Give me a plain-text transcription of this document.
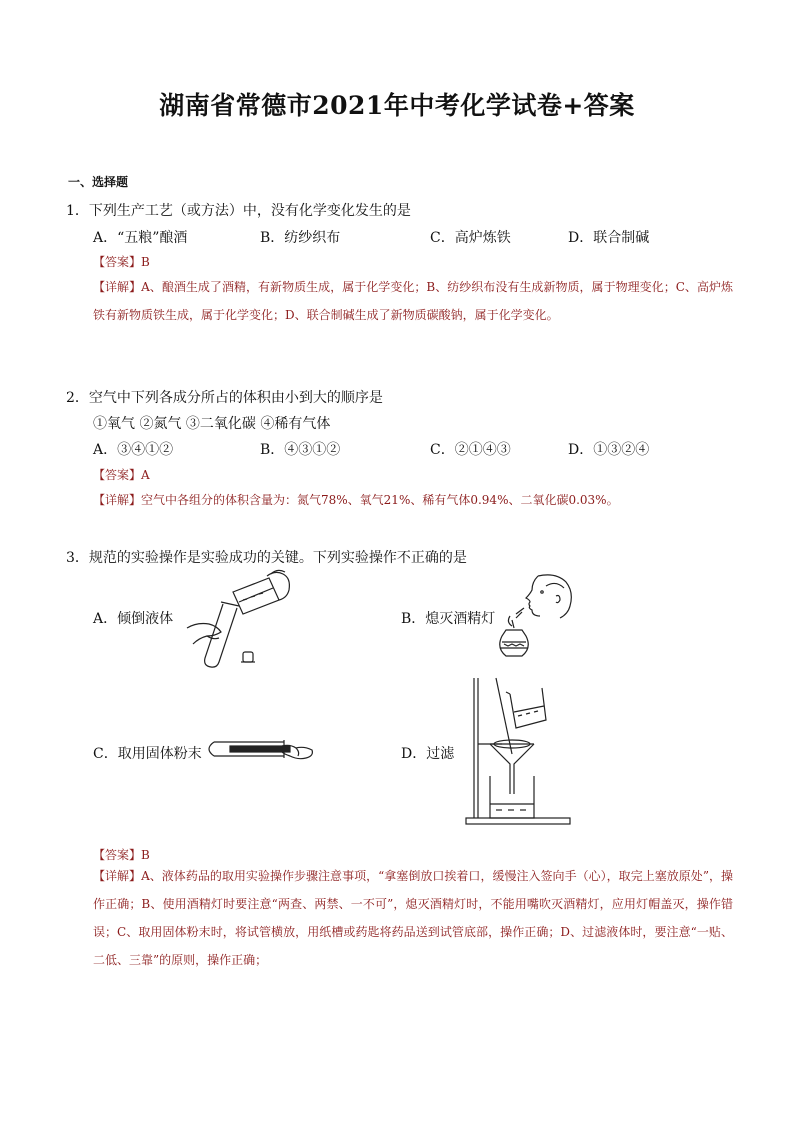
湖南省常德市2021年中考化学试卷+答案
一、选择题
1．下列生产工艺（或方法）中，没有化学变化发生的是
A．“五粮”酿酒	B．纺纱织布	C．高炉炼铁	D．联合制碱
【答案】B
【详解】A、酿酒生成了酒精，有新物质生成，属于化学变化；B、纺纱织布没有生成新物质，属于物理变化；C、高炉炼铁有新物质铁生成，属于化学变化；D、联合制碱生成了新物质碳酸钠，属于化学变化。
2．空气中下列各成分所占的体积由小到大的顺序是
①氧气 ②氮气 ③二氧化碳 ④稀有气体
A．③④①②	B．④③①②	C．②①④③	D．①③②④
【答案】A
【详解】空气中各组分的体积含量为：氮气78%、氧气21%、稀有气体0.94%、二氧化碳0.03%。
3．规范的实验操作是实验成功的关键。下列实验操作不正确的是
A．倾倒液体	B．熄灭酒精灯
C．取用固体粉末	D．过滤
【答案】B
【详解】A、液体药品的取用实验操作步骤注意事项，“拿塞倒放口挨着口，缓慢注入签向手（心），取完上塞放原处”，操作正确；B、使用酒精灯时要注意“两查、两禁、一不可”，熄灭酒精灯时，不能用嘴吹灭酒精灯，应用灯帽盖灭，操作错误；C、取用固体粉末时，将试管横放，用纸槽或药匙将药品送到试管底部，操作正确；D、过滤液体时，要注意“一贴、二低、三靠”的原则，操作正确；
